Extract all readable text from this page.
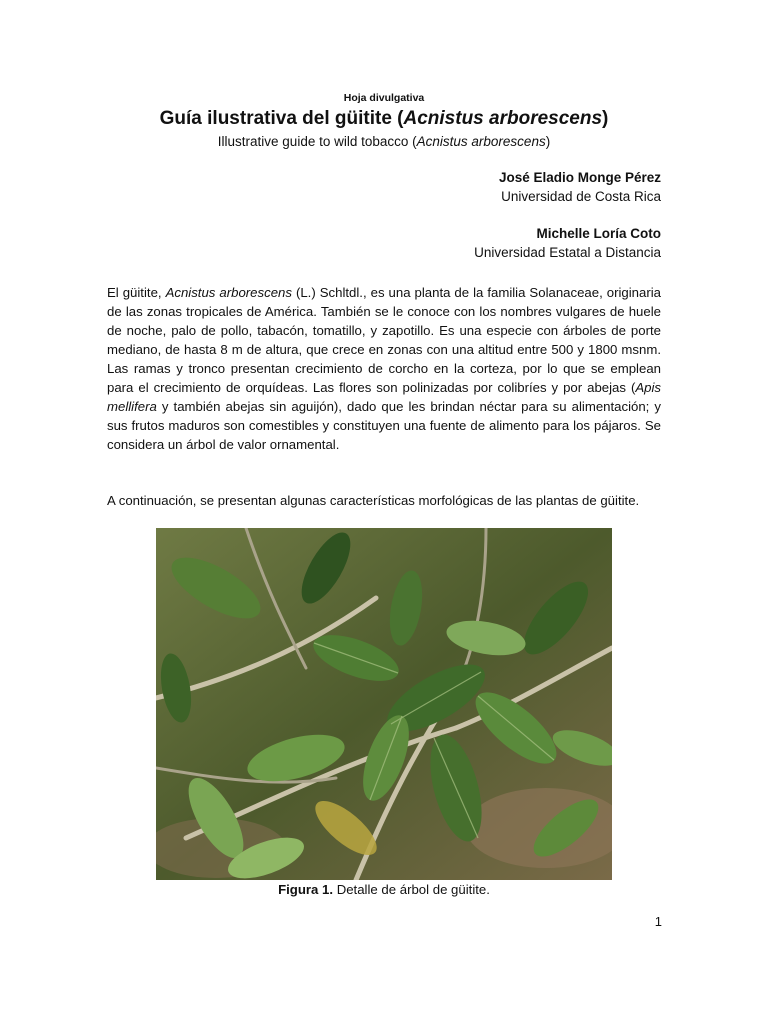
Hoja divulgativa
Guía ilustrativa del güitite (Acnistus arborescens)
Illustrative guide to wild tobacco (Acnistus arborescens)
José Eladio Monge Pérez
Universidad de Costa Rica
Michelle Loría Coto
Universidad Estatal a Distancia

El güitite, Acnistus arborescens (L.) Schltdl., es una planta de la familia Solanaceae, originaria de las zonas tropicales de América. También se le conoce con los nombres vulgares de huele de noche, palo de pollo, tabacón, tomatillo, y zapotillo. Es una especie con árboles de porte mediano, de hasta 8 m de altura, que crece en zonas con una altitud entre 500 y 1800 msnm. Las ramas y tronco presentan crecimiento de corcho en la corteza, por lo que se emplean para el crecimiento de orquídeas. Las flores son polinizadas por colibríes y por abejas (Apis mellifera y también abejas sin aguijón), dado que les brindan néctar para su alimentación; y sus frutos maduros son comestibles y constituyen una fuente de alimento para los pájaros. Se considera un árbol de valor ornamental.

A continuación, se presentan algunas características morfológicas de las plantas de güitite.

Figura 1. Detalle de árbol de güitite.
1
